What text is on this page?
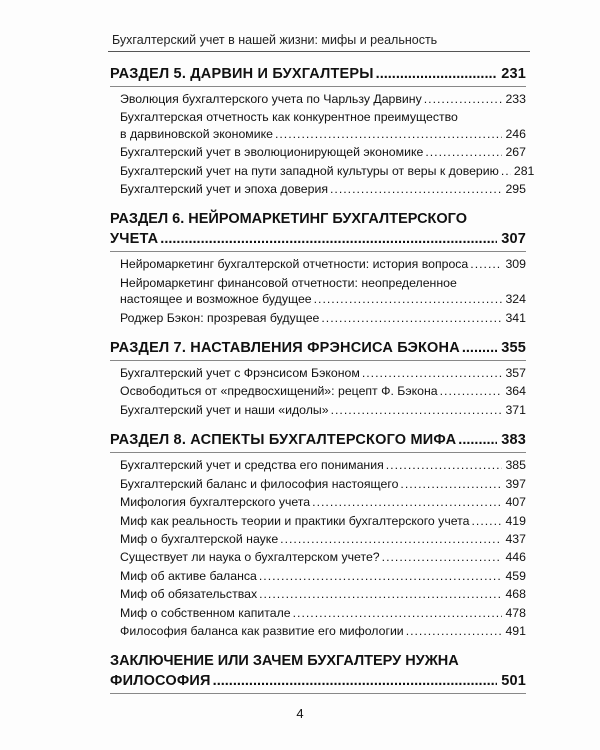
Бухгалтерский учет в нашей жизни: мифы и реальность
РАЗДЕЛ 5. ДАРВИН И БУХГАЛТЕРЫ .....	231
Эволюция бухгалтерского учета по Чарльзу Дарвину .....	233
Бухгалтерская отчетность как конкурентное преимущество
в дарвиновской экономике .....	246
Бухгалтерский учет в эволюционирующей экономике .....	267
Бухгалтерский учет на пути западной культуры от веры к доверию ..... 281
Бухгалтерский учет и эпоха доверия .....	295
РАЗДЕЛ 6. НЕЙРОМАРКЕТИНГ БУХГАЛТЕРСКОГО
УЧЕТА .....	307
Нейромаркетинг бухгалтерской отчетности: история вопроса .....	309
Нейромаркетинг финансовой отчетности: неопределенное
настоящее и возможное будущее .....	324
Роджер Бэкон: прозревая будущее .....	341
РАЗДЕЛ 7. НАСТАВЛЕНИЯ ФРЭНСИСА БЭКОНА .....	355
Бухгалтерский учет с Фрэнсисом Бэконом .....	357
Освободиться от «предвосхищений»: рецепт Ф. Бэкона .....	364
Бухгалтерский учет и наши «идолы» .....	371
РАЗДЕЛ 8. АСПЕКТЫ БУХГАЛТЕРСКОГО МИФА .....	383
Бухгалтерский учет и средства его понимания .....	385
Бухгалтерский баланс и философия настоящего .....	397
Мифология бухгалтерского учета .....	407
Миф как реальность теории и практики бухгалтерского учета .....	419
Миф о бухгалтерской науке .....	437
Существует ли наука о бухгалтерском учете? .....	446
Миф об активе баланса .....	459
Миф об обязательствах .....	468
Миф о собственном капитале .....	478
Философия баланса как развитие его мифологии .....	491
ЗАКЛЮЧЕНИЕ ИЛИ ЗАЧЕМ БУХГАЛТЕРУ НУЖНА
ФИЛОСОФИЯ .....	501
4
